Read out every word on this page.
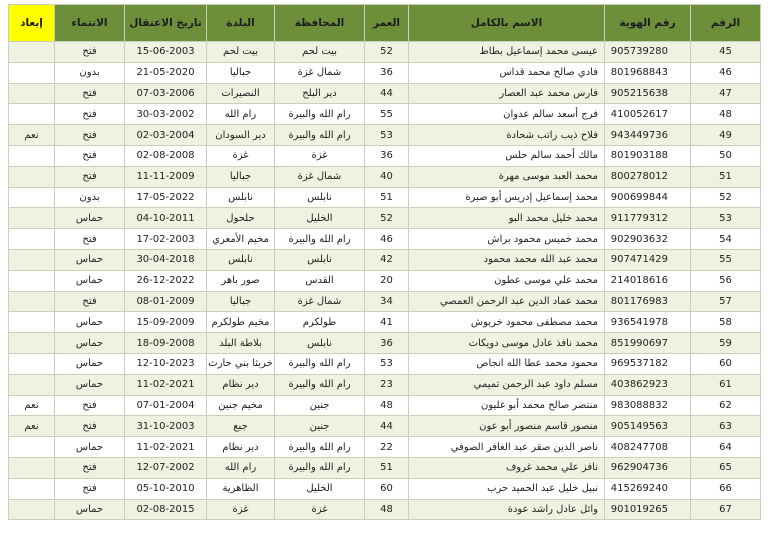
الرقم	رقم الهوية	الاسم بالكامل	العمر	المحافظة	البلدة	تاريخ الاعتقال	الانتماء	إبعاد
45	905739280	عيسى محمد إسماعيل بطاط	52	بيت لحم	بيت لحم	15-06-2003	فتح	
46	801968843	فادي صالح محمد قداس	36	شمال غزة	جباليا	21-05-2020	بدون	
47	905215638	فارس محمد عبد العصار	44	دير البلح	النصيرات	07-03-2006	فتح	
48	410052617	فرج أسعد سالم عدوان	55	رام الله والبيرة	رام الله	30-03-2002	فتح	
49	943449736	فلاح ذيب راتب شحادة	53	رام الله والبيرة	دير السودان	02-03-2004	فتح	نعم
50	801903188	مالك أحمد سالم حلس	36	غزة	غزة	02-08-2008	فتح	
51	800278012	محمد العبد موسى مهرة	40	شمال غزة	جباليا	11-11-2009	فتح	
52	900699844	محمد إسماعيل إدريس أبو صبرة	51	نابلس	نابلس	17-05-2022	بدون	
53	911779312	محمد خليل محمد البو	52	الخليل	حلحول	04-10-2011	حماس	
54	902903632	محمد خميس محمود براش	46	رام الله والبيرة	مخيم الأمعري	17-02-2003	فتح	
55	907471429	محمد عبد الله محمد محمود	42	نابلس	نابلس	30-04-2018	حماس	
56	214018616	محمد علي موسى عطون	20	القدس	صور باهر	26-12-2022	حماس	
57	801176983	محمد عماد الدين عبد الرحمن العمصي	34	شمال غزة	جباليا	08-01-2009	فتح	
58	936541978	محمد مصطفى محمود خريوش	41	طولكرم	مخيم طولكرم	15-09-2009	حماس	
59	851990697	محمد نافذ عادل موسى دويكات	36	نابلس	بلاطة البلد	18-09-2008	حماس	
60	969537182	محمود محمد عطا الله انجاص	53	رام الله والبيرة	خربثا بني حارث	12-10-2023	حماس	
61	403862923	مسلم داود عبد الرحمن تميمي	23	رام الله والبيرة	دير نظام	11-02-2021	حماس	
62	983088832	منتصر صالح محمد أبو غليون	48	جنين	مخيم جنين	07-01-2004	فتح	نعم
63	905149563	منصور قاسم منصور أبو عون	44	جنين	جبع	31-10-2003	فتح	نعم
64	408247708	ناصر الدين صقر عبد الغافر الصوفي	22	رام الله والبيرة	دير نظام	11-02-2021	حماس	
65	962904736	نافز علي محمد غروف	51	رام الله والبيرة	رام الله	12-07-2002	فتح	
66	415269240	نبيل خليل عبد الحميد حرب	60	الخليل	الظاهرية	05-10-2010	فتح	
67	901019265	وائل عادل راشد عودة	48	غزة	غزة	02-08-2015	حماس	
